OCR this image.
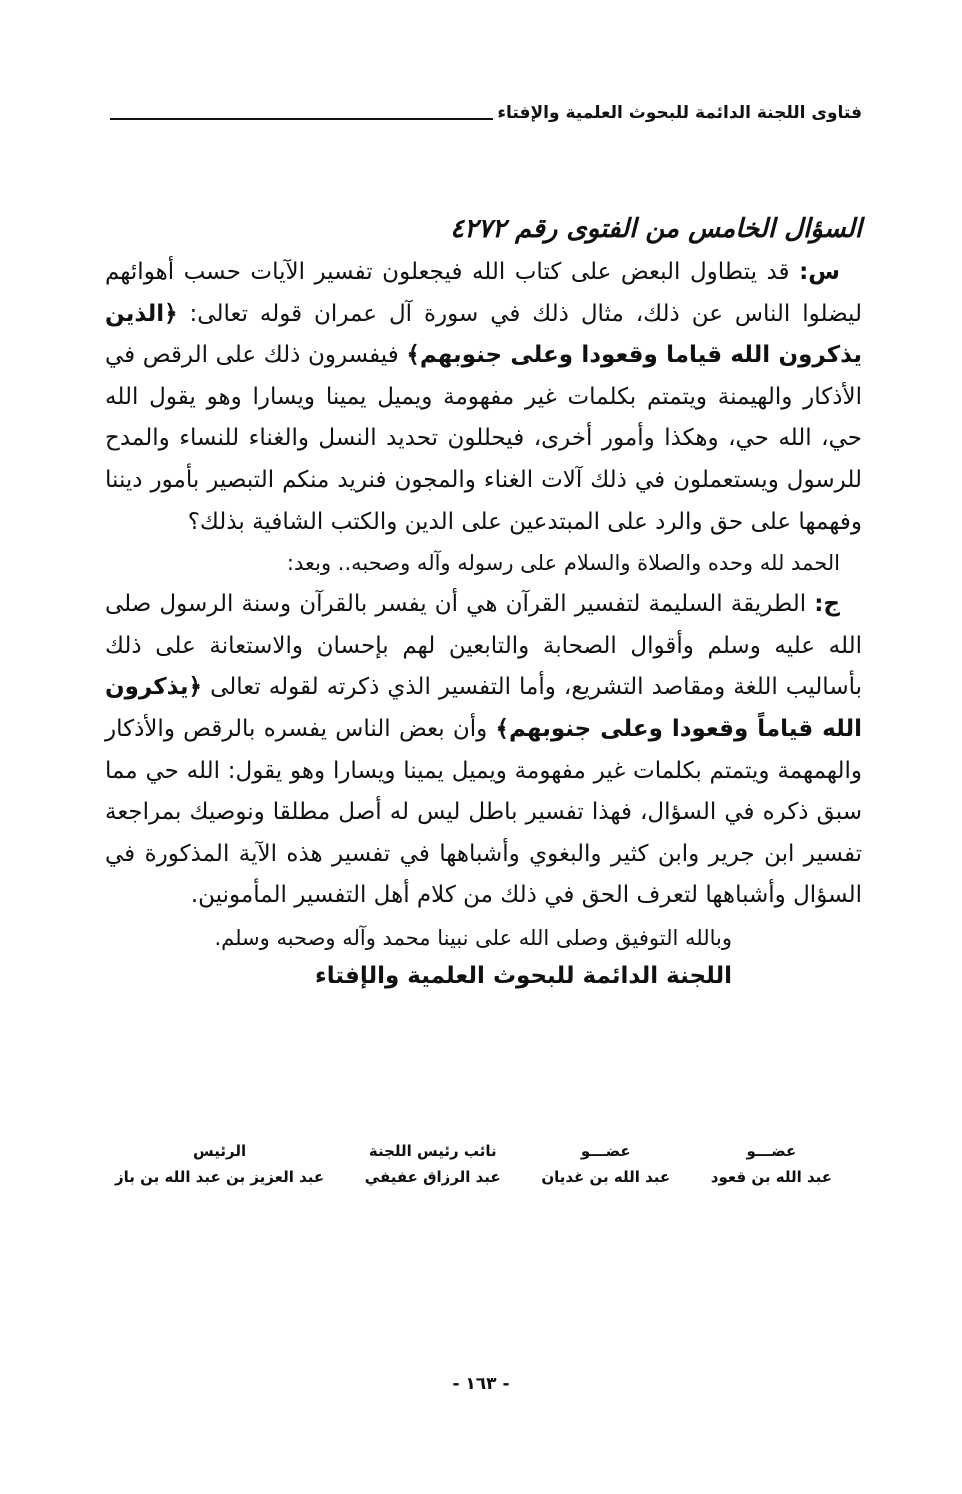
فتاوى اللجنة الدائمة للبحوث العلمية والإفتاء
السؤال الخامس من الفتوى رقم ٤٢٧٢

س: قد يتطاول البعض على كتاب الله فيجعلون تفسير الآيات حسب أهوائهم ليضلوا الناس عن ذلك، مثال ذلك في سورة آل عمران قوله تعالى: ﴿الذين يذكرون الله قياما وقعودا وعلى جنوبهم﴾ فيفسرون ذلك على الرقص في الأذكار والهيمنة ويتمتم بكلمات غير مفهومة ويميل يمينا ويسارا وهو يقول الله حي، الله حي، وهكذا وأمور أخرى، فيحللون تحديد النسل والغناء للنساء والمدح للرسول ويستعملون في ذلك آلات الغناء والمجون فنريد منكم التبصير بأمور ديننا وفهمها على حق والرد على المبتدعين على الدين والكتب الشافية بذلك؟

الحمد لله وحده والصلاة والسلام على رسوله وآله وصحبه.. وبعد:

ج: الطريقة السليمة لتفسير القرآن هي أن يفسر بالقرآن وسنة الرسول صلى الله عليه وسلم وأقوال الصحابة والتابعين لهم بإحسان والاستعانة على ذلك بأساليب اللغة ومقاصد التشريع، وأما التفسير الذي ذكرته لقوله تعالى ﴿يذكرون الله قياماً وقعودا وعلى جنوبهم﴾ وأن بعض الناس يفسره بالرقص والأذكار والهمهمة ويتمتم بكلمات غير مفهومة ويميل يمينا ويسارا وهو يقول: الله حي مما سبق ذكره في السؤال، فهذا تفسير باطل ليس له أصل مطلقا ونوصيك بمراجعة تفسير ابن جرير وابن كثير والبغوي وأشباهها في تفسير هذه الآية المذكورة في السؤال وأشباهها لتعرف الحق في ذلك من كلام أهل التفسير المأمونين.

وبالله التوفيق وصلى الله على نبينا محمد وآله وصحبه وسلم.
اللجنة الدائمة للبحوث العلمية والإفتاء
عضـــو
عبد الله بن قعود
عضـــو
عبد الله بن غديان
نائب رئيس اللجنة
عبد الرزاق عفيفي
الرئيس
عبد العزيز بن عبد الله بن باز
- ١٦٣ -
